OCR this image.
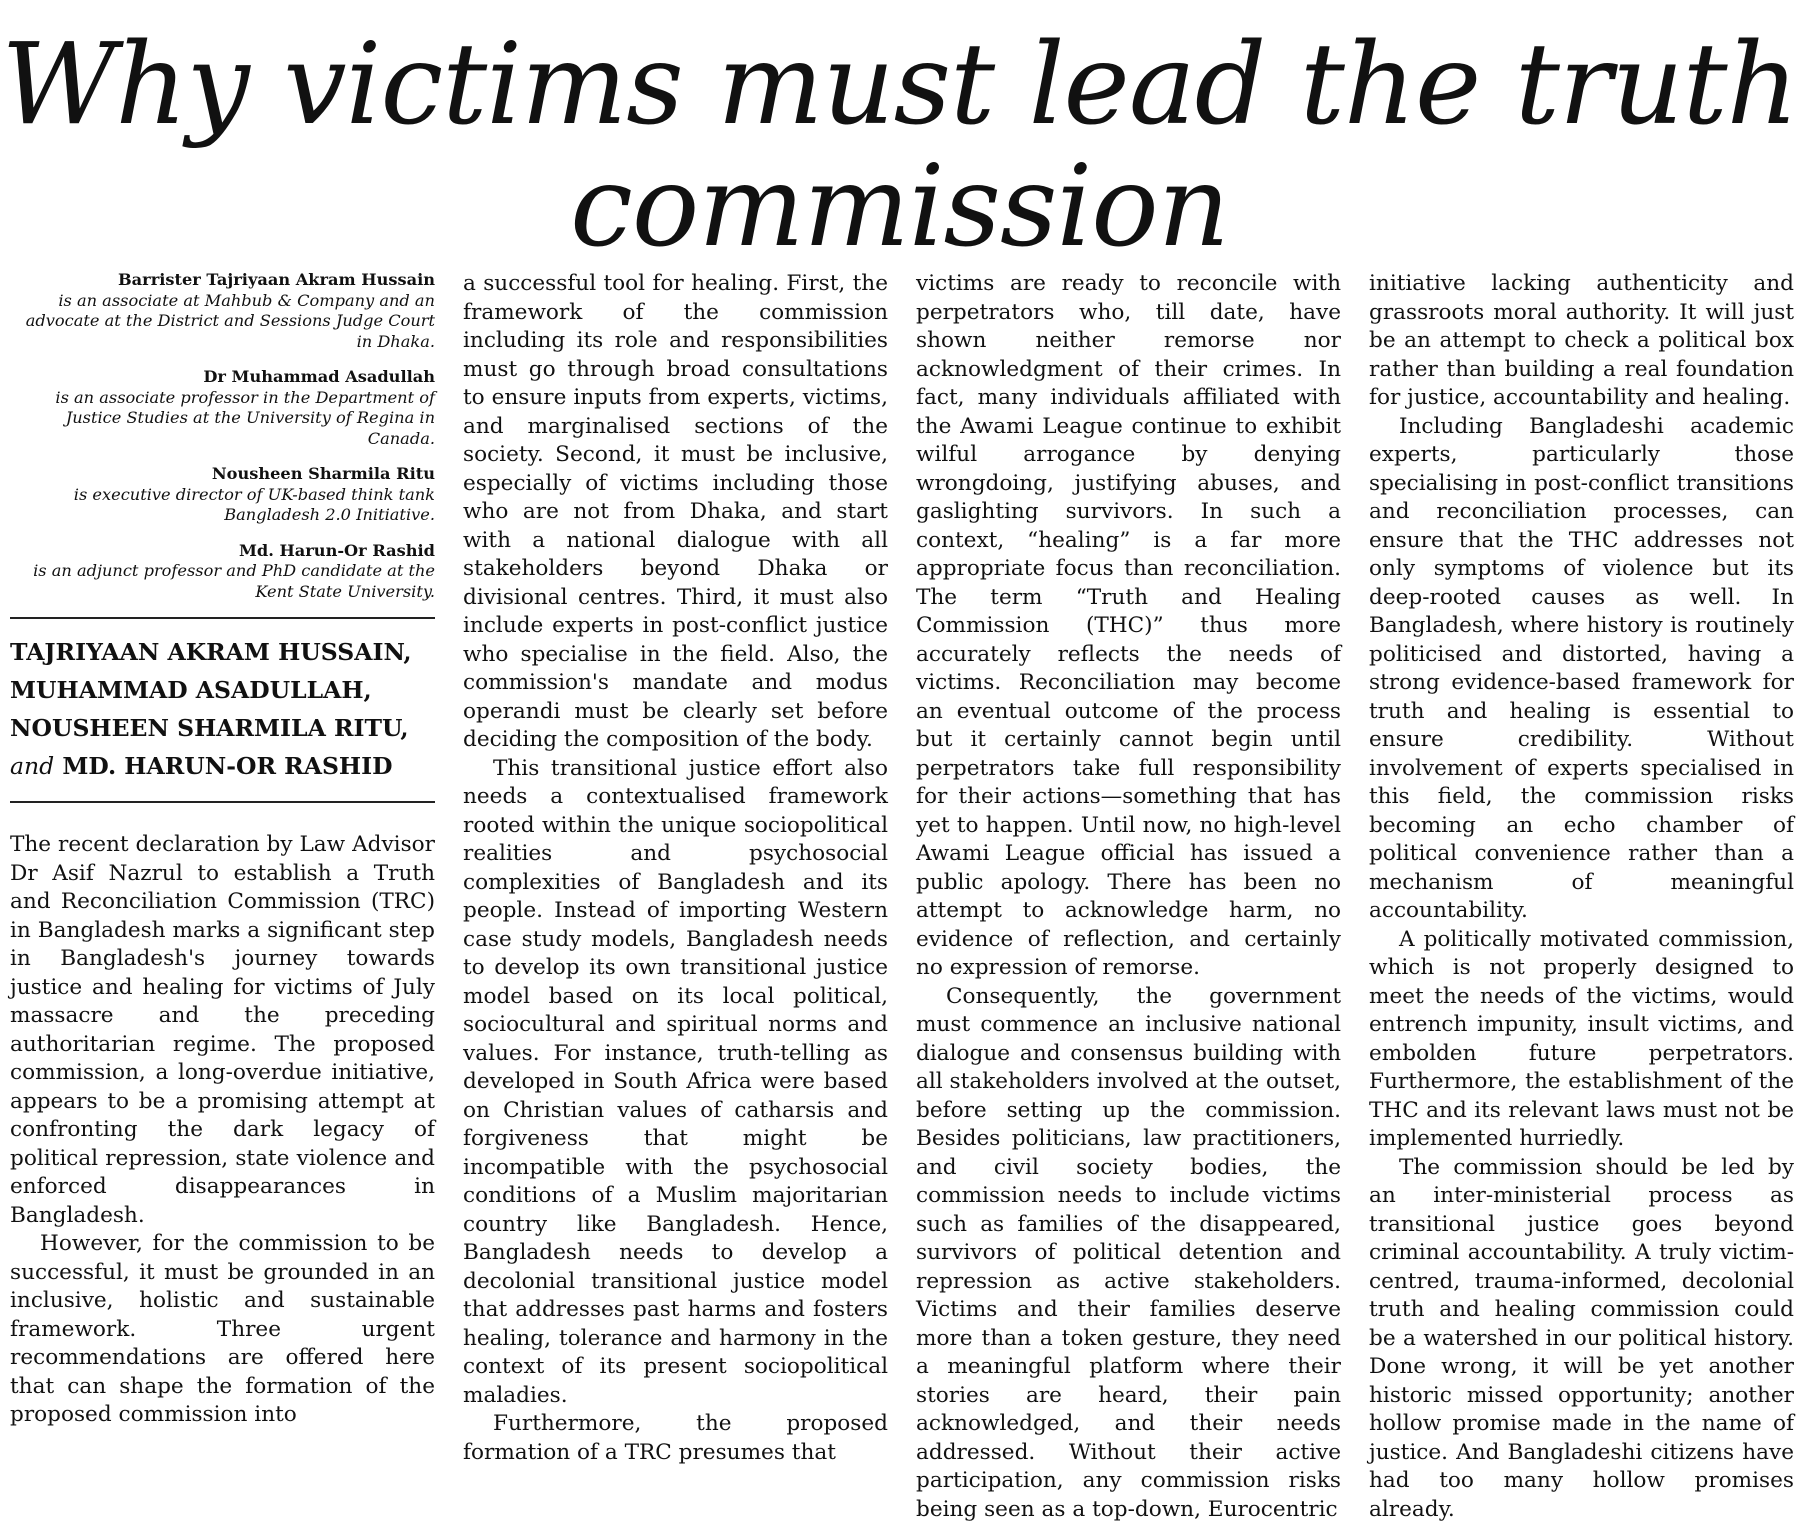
Why victims must lead the truth commission
Barrister Tajriyaan Akram Hussain
is an associate at Mahbub & Company and an advocate at the District and Sessions Judge Court in Dhaka.
Dr Muhammad Asadullah
is an associate professor in the Department of Justice Studies at the University of Regina in Canada.
Nousheen Sharmila Ritu
is executive director of UK-based think tank Bangladesh 2.0 Initiative.
Md. Harun-Or Rashid
is an adjunct professor and PhD candidate at the Kent State University.
TAJRIYAAN AKRAM HUSSAIN,
MUHAMMAD ASADULLAH,
NOUSHEEN SHARMILA RITU,
and MD. HARUN-OR RASHID

The recent declaration by Law Advisor Dr Asif Nazrul to establish a Truth and Reconciliation Commission (TRC) in Bangladesh marks a significant step in Bangladesh's journey towards justice and healing for victims of July massacre and the preceding authoritarian regime. The proposed commission, a long-overdue initiative, appears to be a promising attempt at confronting the dark legacy of political repression, state violence and enforced disappearances in Bangladesh.

However, for the commission to be successful, it must be grounded in an inclusive, holistic and sustainable framework. Three urgent recommendations are offered here that can shape the formation of the proposed commission into

a successful tool for healing. First, the framework of the commission including its role and responsibilities must go through broad consultations to ensure inputs from experts, victims, and marginalised sections of the society. Second, it must be inclusive, especially of victims including those who are not from Dhaka, and start with a national dialogue with all stakeholders beyond Dhaka or divisional centres. Third, it must also include experts in post-conflict justice who specialise in the field. Also, the commission's mandate and modus operandi must be clearly set before deciding the composition of the body.

This transitional justice effort also needs a contextualised framework rooted within the unique sociopolitical realities and psychosocial complexities of Bangladesh and its people. Instead of importing Western case study models, Bangladesh needs to develop its own transitional justice model based on its local political, sociocultural and spiritual norms and values. For instance, truth-telling as developed in South Africa were based on Christian values of catharsis and forgiveness that might be incompatible with the psychosocial conditions of a Muslim majoritarian country like Bangladesh. Hence, Bangladesh needs to develop a decolonial transitional justice model that addresses past harms and fosters healing, tolerance and harmony in the context of its present sociopolitical maladies.

Furthermore, the proposed formation of a TRC presumes that

victims are ready to reconcile with perpetrators who, till date, have shown neither remorse nor acknowledgment of their crimes. In fact, many individuals affiliated with the Awami League continue to exhibit wilful arrogance by denying wrongdoing, justifying abuses, and gaslighting survivors. In such a context, “healing” is a far more appropriate focus than reconciliation. The term “Truth and Healing Commission (THC)” thus more accurately reflects the needs of victims. Reconciliation may become an eventual outcome of the process but it certainly cannot begin until perpetrators take full responsibility for their actions—something that has yet to happen. Until now, no high-level Awami League official has issued a public apology. There has been no attempt to acknowledge harm, no evidence of reflection, and certainly no expression of remorse.

Consequently, the government must commence an inclusive national dialogue and consensus building with all stakeholders involved at the outset, before setting up the commission. Besides politicians, law practitioners, and civil society bodies, the commission needs to include victims such as families of the disappeared, survivors of political detention and repression as active stakeholders. Victims and their families deserve more than a token gesture, they need a meaningful platform where their stories are heard, their pain acknowledged, and their needs addressed. Without their active participation, any commission risks being seen as a top-down, Eurocentric

initiative lacking authenticity and grassroots moral authority. It will just be an attempt to check a political box rather than building a real foundation for justice, accountability and healing.

Including Bangladeshi academic experts, particularly those specialising in post-conflict transitions and reconciliation processes, can ensure that the THC addresses not only symptoms of violence but its deep-rooted causes as well. In Bangladesh, where history is routinely politicised and distorted, having a strong evidence-based framework for truth and healing is essential to ensure credibility. Without involvement of experts specialised in this field, the commission risks becoming an echo chamber of political convenience rather than a mechanism of meaningful accountability.

A politically motivated commission, which is not properly designed to meet the needs of the victims, would entrench impunity, insult victims, and embolden future perpetrators. Furthermore, the establishment of the THC and its relevant laws must not be implemented hurriedly.

The commission should be led by an inter-ministerial process as transitional justice goes beyond criminal accountability. A truly victim-centred, trauma-informed, decolonial truth and healing commission could be a watershed in our political history. Done wrong, it will be yet another historic missed opportunity; another hollow promise made in the name of justice. And Bangladeshi citizens have had too many hollow promises already.
